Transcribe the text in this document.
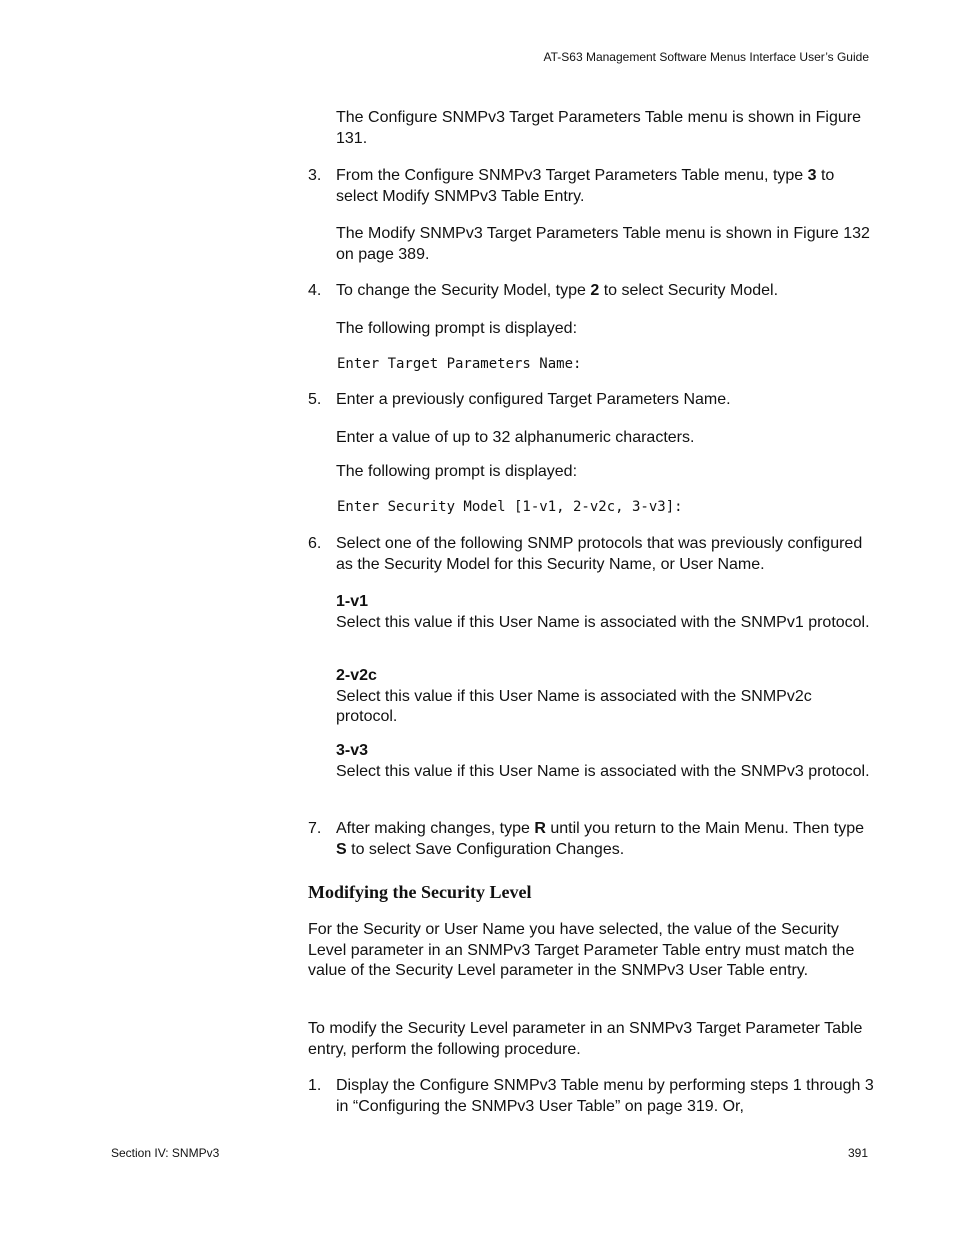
AT-S63 Management Software Menus Interface User’s Guide
The Configure SNMPv3 Target Parameters Table menu is shown in Figure 131.
3. From the Configure SNMPv3 Target Parameters Table menu, type 3 to select Modify SNMPv3 Table Entry.
The Modify SNMPv3 Target Parameters Table menu is shown in Figure 132 on page 389.
4. To change the Security Model, type 2 to select Security Model.
The following prompt is displayed:
Enter Target Parameters Name:
5. Enter a previously configured Target Parameters Name.
Enter a value of up to 32 alphanumeric characters.
The following prompt is displayed:
Enter Security Model [1-v1, 2-v2c, 3-v3]:
6. Select one of the following SNMP protocols that was previously configured as the Security Model for this Security Name, or User Name.
1-v1
Select this value if this User Name is associated with the SNMPv1 protocol.
2-v2c
Select this value if this User Name is associated with the SNMPv2c protocol.
3-v3
Select this value if this User Name is associated with the SNMPv3 protocol.
7. After making changes, type R until you return to the Main Menu. Then type S to select Save Configuration Changes.
Modifying the Security Level
For the Security or User Name you have selected, the value of the Security Level parameter in an SNMPv3 Target Parameter Table entry must match the value of the Security Level parameter in the SNMPv3 User Table entry.
To modify the Security Level parameter in an SNMPv3 Target Parameter Table entry, perform the following procedure.
1. Display the Configure SNMPv3 Table menu by performing steps 1 through 3 in “Configuring the SNMPv3 User Table” on page 319. Or,
Section IV: SNMPv3	391
